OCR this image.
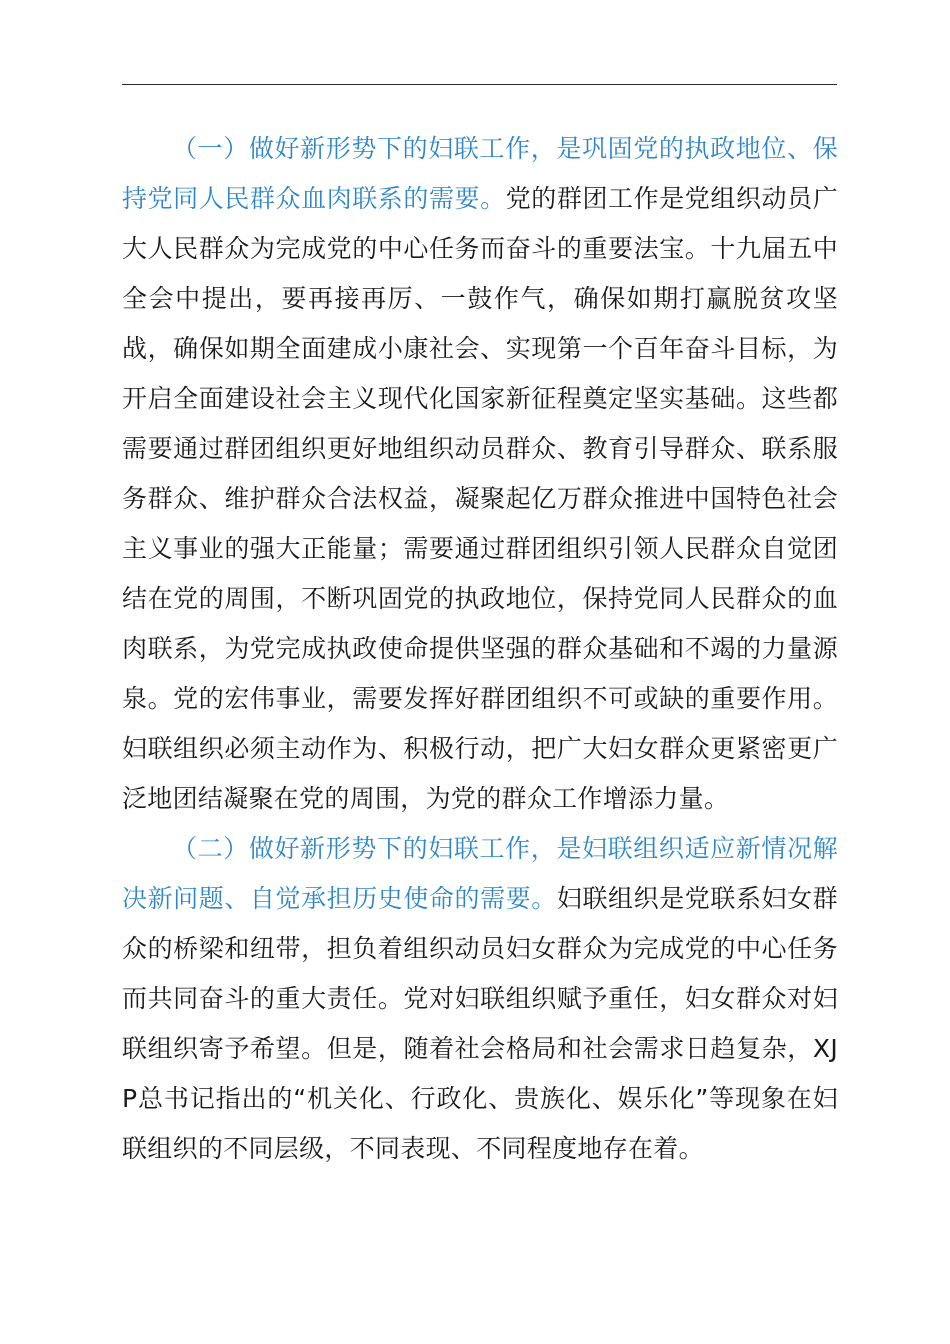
（一）做好新形势下的妇联工作，是巩固党的执政地位、保持党同人民群众血肉联系的需要。党的群团工作是党组织动员广大人民群众为完成党的中心任务而奋斗的重要法宝。十九届五中全会中提出，要再接再厉、一鼓作气，确保如期打赢脱贫攻坚战，确保如期全面建成小康社会、实现第一个百年奋斗目标，为开启全面建设社会主义现代化国家新征程奠定坚实基础。这些都需要通过群团组织更好地组织动员群众、教育引导群众、联系服务群众、维护群众合法权益，凝聚起亿万群众推进中国特色社会主义事业的强大正能量；需要通过群团组织引领人民群众自觉团结在党的周围，不断巩固党的执政地位，保持党同人民群众的血肉联系，为党完成执政使命提供坚强的群众基础和不竭的力量源泉。党的宏伟事业，需要发挥好群团组织不可或缺的重要作用。妇联组织必须主动作为、积极行动，把广大妇女群众更紧密更广泛地团结凝聚在党的周围，为党的群众工作增添力量。

（二）做好新形势下的妇联工作，是妇联组织适应新情况解决新问题、自觉承担历史使命的需要。妇联组织是党联系妇女群众的桥梁和纽带，担负着组织动员妇女群众为完成党的中心任务而共同奋斗的重大责任。党对妇联组织赋予重任，妇女群众对妇联组织寄予希望。但是，随着社会格局和社会需求日趋复杂，XJP总书记指出的“机关化、行政化、贵族化、娱乐化”等现象在妇联组织的不同层级，不同表现、不同程度地存在着。
